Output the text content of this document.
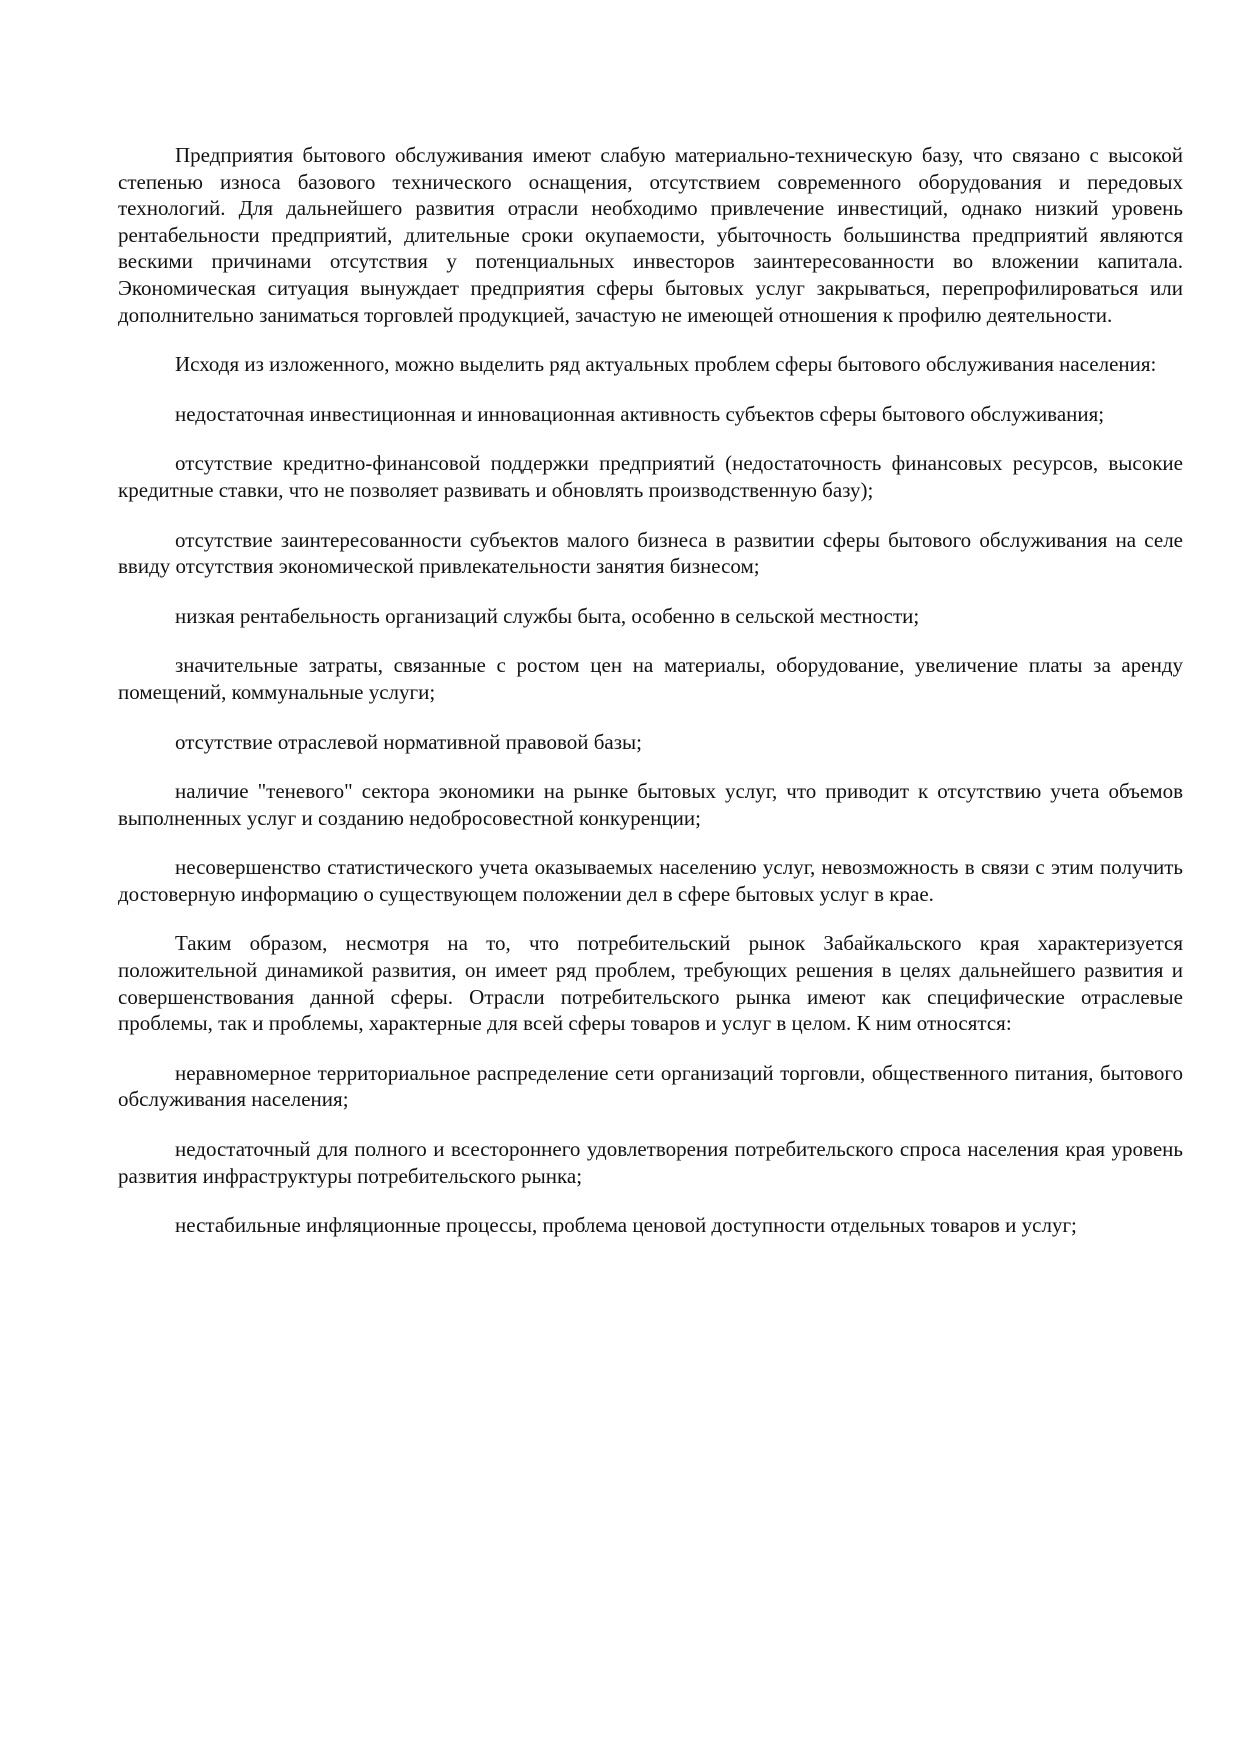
Предприятия бытового обслуживания имеют слабую материально-техническую базу, что связано с высокой степенью износа базового технического оснащения, отсутствием современного оборудования и передовых технологий. Для дальнейшего развития отрасли необходимо привлечение инвестиций, однако низкий уровень рентабельности предприятий, длительные сроки окупаемости, убыточность большинства предприятий являются вескими причинами отсутствия у потенциальных инвесторов заинтересованности во вложении капитала. Экономическая ситуация вынуждает предприятия сферы бытовых услуг закрываться, перепрофилироваться или дополнительно заниматься торговлей продукцией, зачастую не имеющей отношения к профилю деятельности.

Исходя из изложенного, можно выделить ряд актуальных проблем сферы бытового обслуживания населения:

недостаточная инвестиционная и инновационная активность субъектов сферы бытового обслуживания;

отсутствие кредитно-финансовой поддержки предприятий (недостаточность финансовых ресурсов, высокие кредитные ставки, что не позволяет развивать и обновлять производственную базу);

отсутствие заинтересованности субъектов малого бизнеса в развитии сферы бытового обслуживания на селе ввиду отсутствия экономической привлекательности занятия бизнесом;

низкая рентабельность организаций службы быта, особенно в сельской местности;

значительные затраты, связанные с ростом цен на материалы, оборудование, увеличение платы за аренду помещений, коммунальные услуги;

отсутствие отраслевой нормативной правовой базы;

наличие "теневого" сектора экономики на рынке бытовых услуг, что приводит к отсутствию учета объемов выполненных услуг и созданию недобросовестной конкуренции;

несовершенство статистического учета оказываемых населению услуг, невозможность в связи с этим получить достоверную информацию о существующем положении дел в сфере бытовых услуг в крае.

Таким образом, несмотря на то, что потребительский рынок Забайкальского края характеризуется положительной динамикой развития, он имеет ряд проблем, требующих решения в целях дальнейшего развития и совершенствования данной сферы. Отрасли потребительского рынка имеют как специфические отраслевые проблемы, так и проблемы, характерные для всей сферы товаров и услуг в целом. К ним относятся:

неравномерное территориальное распределение сети организаций торговли, общественного питания, бытового обслуживания населения;

недостаточный для полного и всестороннего удовлетворения потребительского спроса населения края уровень развития инфраструктуры потребительского рынка;

нестабильные инфляционные процессы, проблема ценовой доступности отдельных товаров и услуг;
